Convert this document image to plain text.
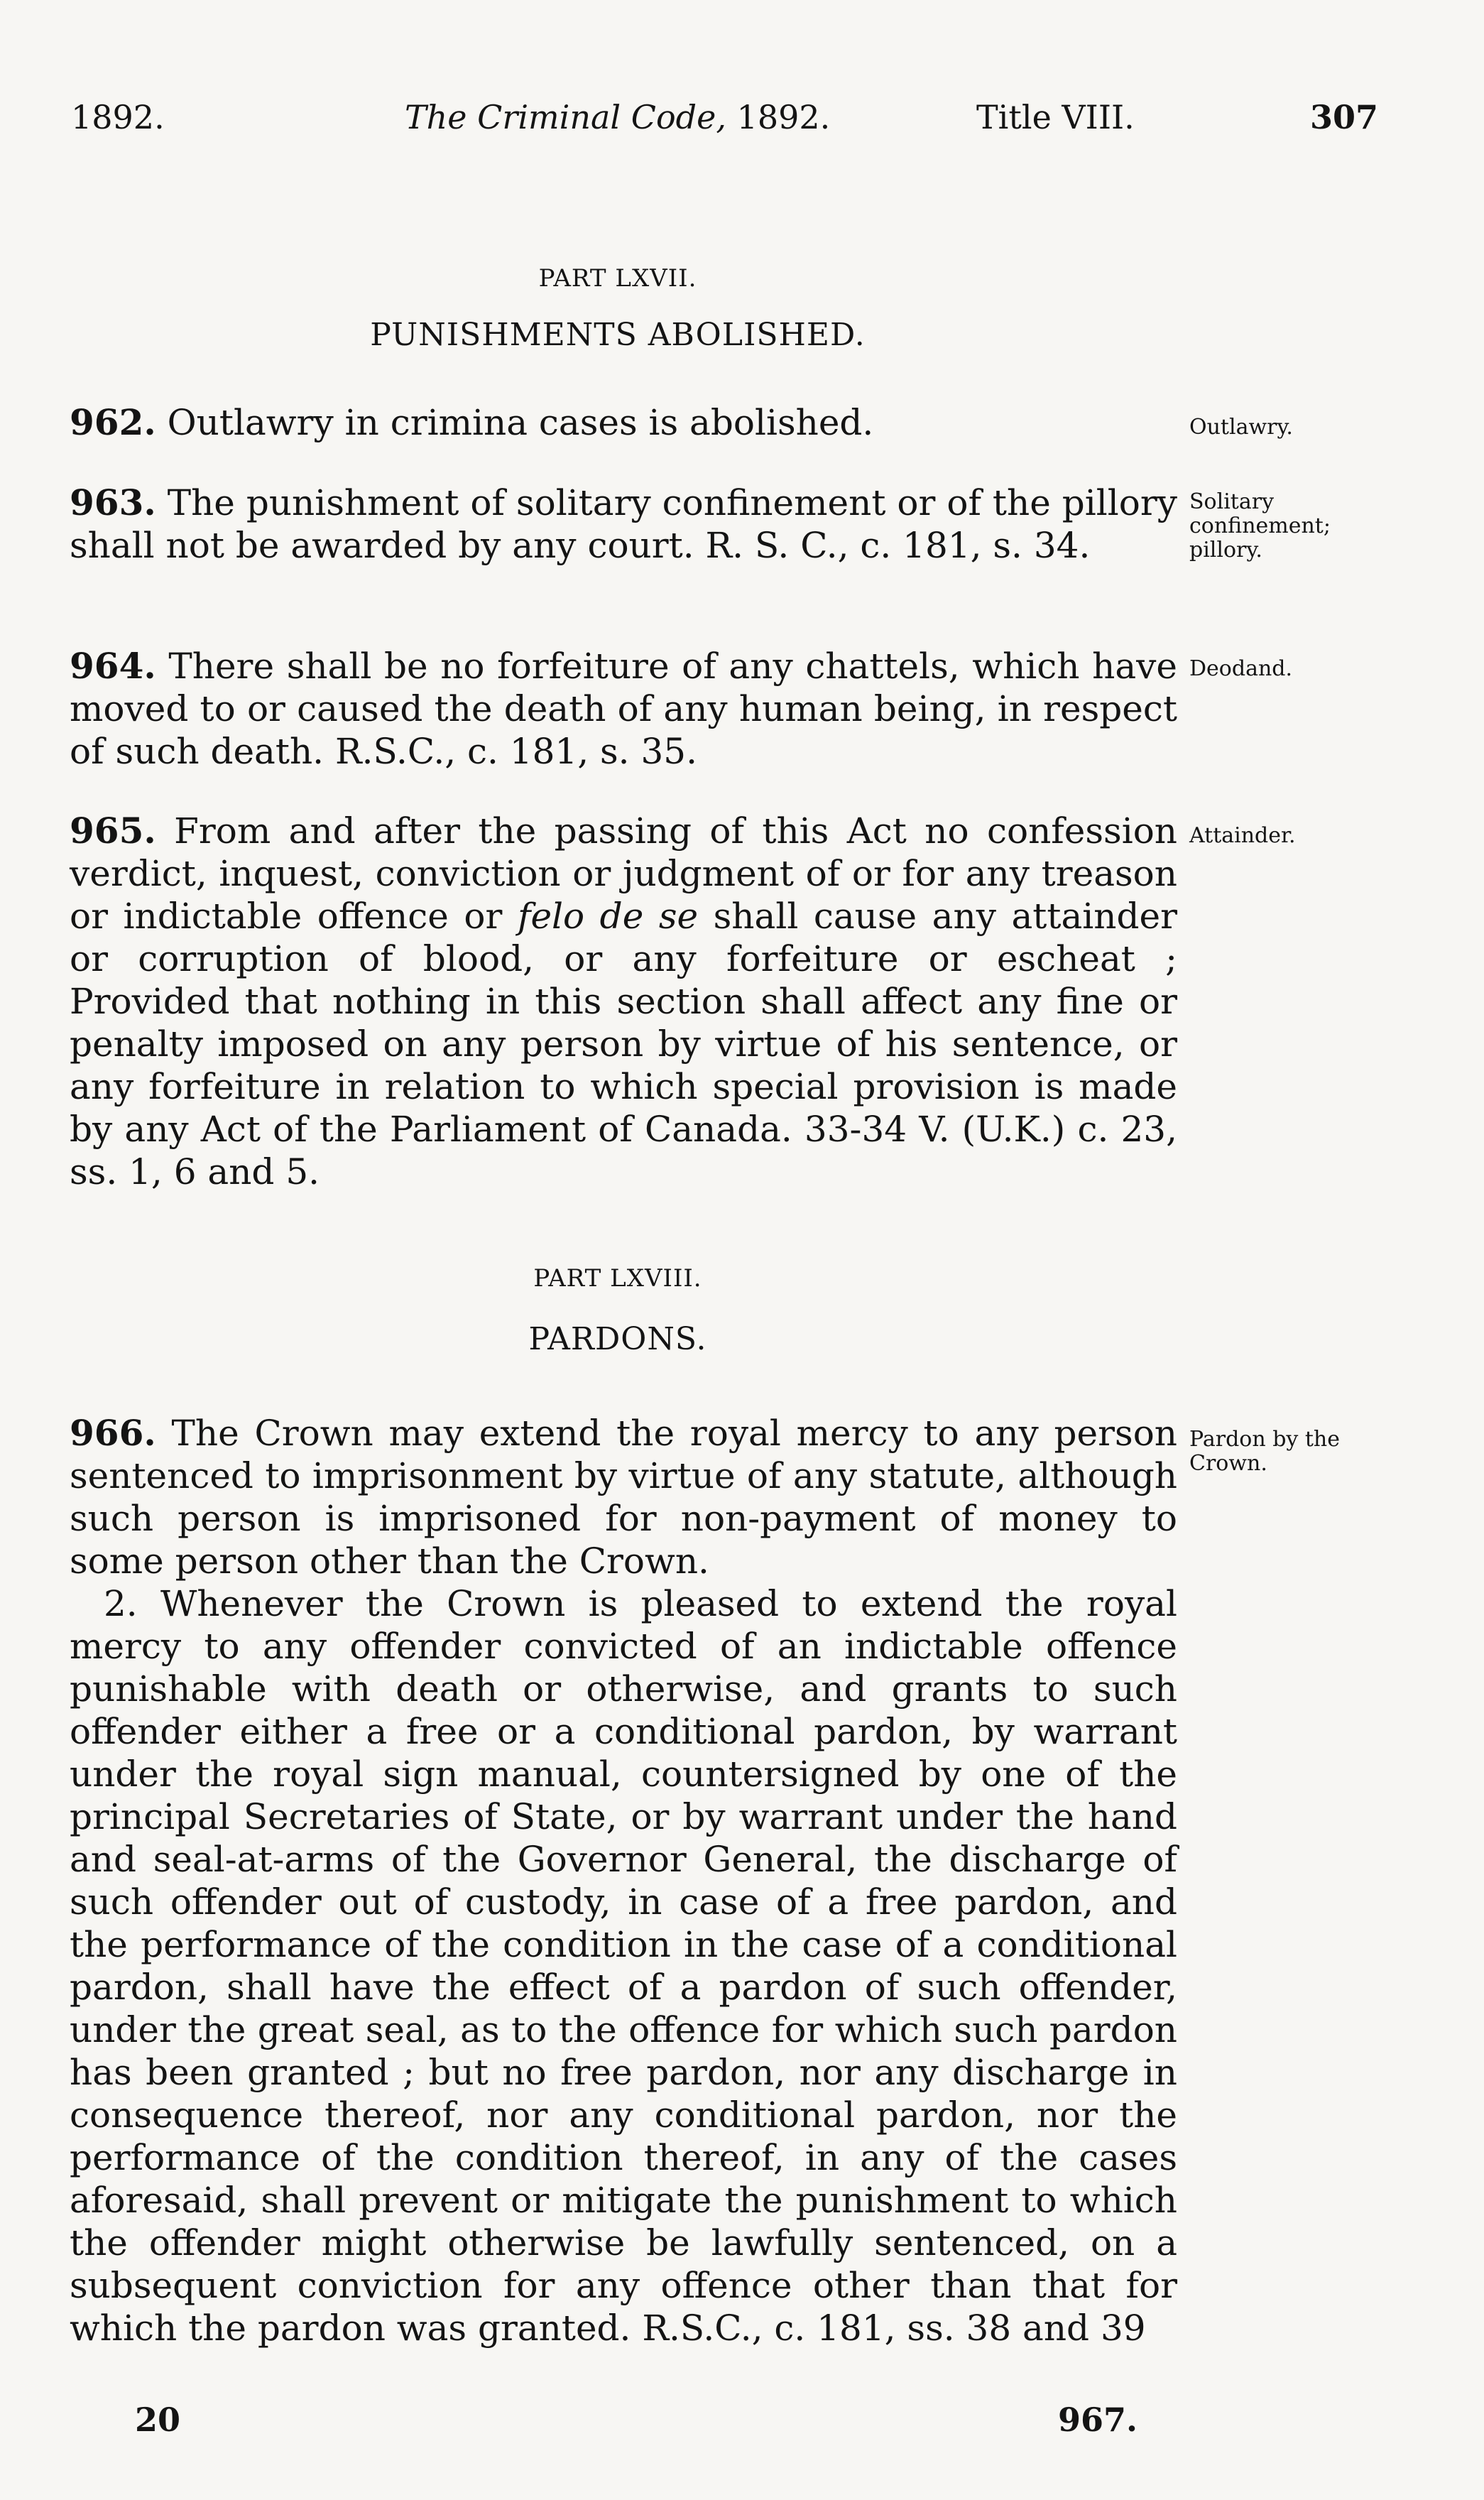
1892.	The Criminal Code, 1892.	Title VIII.	307
PART LXVII.
PUNISHMENTS ABOLISHED.

962. Outlawry in crimina cases is abolished.	Outlawry.

963. The punishment of solitary confinement or of the pillory shall not be awarded by any court. R. S. C., c. 181, s. 34.

Solitary confinement; pillory.

964. There shall be no forfeiture of any chattels, which have moved to or caused the death of any human being, in respect of such death. R.S.C., c. 181, s. 35.

Deodand.

965. From and after the passing of this Act no confession verdict, inquest, conviction or judgment of or for any treason or indictable offence or felo de se shall cause any attainder or corruption of blood, or any forfeiture or escheat ; Provided that nothing in this section shall affect any fine or penalty imposed on any person by virtue of his sentence, or any forfeiture in relation to which special provision is made by any Act of the Parliament of Canada. 33-34 V. (U.K.) c. 23, ss. 1, 6 and 5.

Attainder.
PART LXVIII.
PARDONS.

966. The Crown may extend the royal mercy to any person sentenced to imprisonment by virtue of any statute, although such person is imprisoned for non-payment of money to some person other than the Crown.

2. Whenever the Crown is pleased to extend the royal mercy to any offender convicted of an indictable offence punishable with death or otherwise, and grants to such offender either a free or a conditional pardon, by warrant under the royal sign manual, countersigned by one of the principal Secretaries of State, or by warrant under the hand and seal-at-arms of the Governor General, the discharge of such offender out of custody, in case of a free pardon, and the performance of the condition in the case of a conditional pardon, shall have the effect of a pardon of such offender, under the great seal, as to the offence for which such pardon has been granted ; but no free pardon, nor any discharge in consequence thereof, nor any conditional pardon, nor the performance of the condition thereof, in any of the cases aforesaid, shall prevent or mitigate the punishment to which the offender might otherwise be lawfully sentenced, on a subsequent conviction for any offence other than that for which the pardon was granted. R.S.C., c. 181, ss. 38 and 39

Pardon by the Crown.
20	967.
